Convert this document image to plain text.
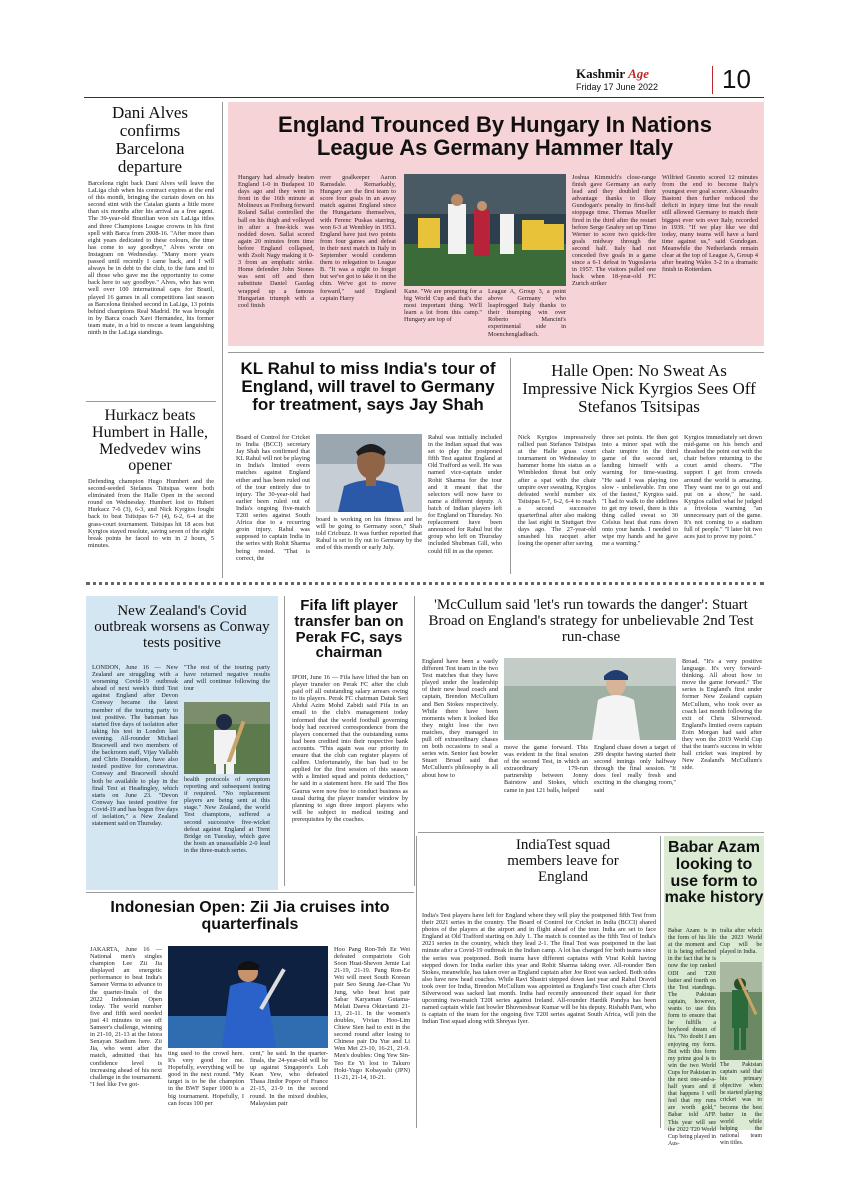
Kashmir Age
Friday 17 June 2022	10
Dani Alves confirms Barcelona departure
Barcelona right back Dani Alves will leave the LaLiga club when his contract expires at the end of this month, bringing the curtain down on his second stint with the Catalan giants a little more than six months after his arrival as a free agent. The 39-year-old Brazilian won six LaLiga titles and three Champions League crowns in his first spell with Barca from 2008-16. "After more than eight years dedicated to these colours, the time has come to say goodbye," Alves wrote on Instagram on Wednesday. "Many more years passed until recently I came back, and I will always be in debt to the club, to the fans and to all those who gave me the opportunity to come back here to say goodbye." Alves, who has won well over 100 international caps for Brazil, played 16 games in all competitions last season as Barcelona finished second in LaLiga, 13 points behind champions Real Madrid. He was brought in by Barca coach Xavi Hernandez, his former team mate, in a bid to rescue a team languishing ninth in the LaLiga standings.
Hurkacz beats Humbert in Halle, Medvedev wins opener
Defending champion Hugo Humbert and the second-seeded Stefanos Tsitsipas were both eliminated from the Halle Open in the second round on Wednesday. Humbert lost to Hubert Hurkacz 7-6 (3), 6-3, and Nick Kyrgios fought back to beat Tsitsipas 6-7 (4), 6-2, 6-4 at the grass-court tournament. Tsitsipas hit 18 aces but Kyrgios stayed resolute, saving seven of the eight break points he faced to win in 2 hours, 5 minutes.
England Trounced By Hungary In Nations League As Germany Hammer Italy
Hungary had already beaten England 1-0 in Budapest 10 days ago and they went in front in the 16th minute at Molineux as Freiburg forward Roland Sallai controlled the ball on his thigh and volleyed in after a free-kick was nodded down. Sallai scored again 20 minutes from time before England collapsed, with Zsolt Nagy making it 0-3 from an emphatic strike. Home defender John Stones was sent off and then substitute Daniel Gazdag wrapped up a famous Hungarian triumph with a cool finish
over goalkeeper Aaron Ramsdale. Remarkably, Hungary are the first team to score four goals in an away match against England since the Hungarians themselves, with Ferenc Puskas starring, won 6-3 at Wembley in 1953. England have just two points from four games and defeat in their next match in Italy in September would condemn them to relegation to League B. "It was a night to forget but we've got to take it on the chin. We've got to move forward," said England captain Harry
Kane. "We are preparing for a big World Cup and that's the most important thing. We'll learn a lot from this camp." Hungary are top of
League A, Group 3, a point above Germany who leapfrogged Italy thanks to their thumping win over Roberto Mancini's experimental side in Moenchengladbach.
Joshua Kimmich's close-range finish gave Germany an early lead and they doubled their advantage thanks to Ilkay Gundogan's penalty in first-half stoppage time. Thomas Mueller fired in the third after the restart before Serge Gnabry set up Timo Werner to score two quick-fire goals midway through the second half. Italy had not conceded five goals in a game since a 6-1 defeat in Yugoslavia in 1957. The visitors pulled one back when 18-year-old FC Zurich striker
Wilfried Gnonto scored 12 minutes from the end to become Italy's youngest ever goal scorer. Alessandro Bastoni then further reduced the deficit in injury time but the result still allowed Germany to match their biggest ever win over Italy, recorded in 1939. "If we play like we did today, many teams will have a hard time against us," said Gundogan. Meanwhile the Netherlands remain clear at the top of League A, Group 4 after beating Wales 3-2 in a dramatic finish in Rotterdam.
KL Rahul to miss India's tour of England, will travel to Germany for treatment, says Jay Shah
Board of Control for Cricket in India (BCCI) secretary Jay Shah has confirmed that KL Rahul will not be playing in India's limited overs matches against England either and has been ruled out of the tour entirely due to injury. The 30-year-old had earlier been ruled out of India's ongoing five-match T20I series against South Africa due to a recurring groin injury. Rahul was supposed to captain India in the series with Rohit Sharma being rested. "That is correct, the
board is working on his fitness and he will be going to Germany soon," Shah told Cricbuzz. It was further reported that Rahul is set to fly out to Germany by the end of this month or early July.
Rahul was initially included in the Indian squad that was set to play the postponed fifth Test against England at Old Trafford as well. He was named vice-captain under Rohit Sharma for the tour and it meant that the selectors will now have to name a different deputy. A batch of Indian players left for England on Thursday. No replacement have been announced for Rahul but the group who left on Thursday included Shubman Gill, who could fill in as the opener.
Halle Open: No Sweat As Impressive Nick Kyrgios Sees Off Stefanos Tsitsipas
Nick Kyrgios impressively rallied past Stefanos Tsitsipas at the Halle grass court tournament on Wednesday to hammer home his status as a Wimbledon threat but only after a spat with the chair umpire over sweating. Kyrgios defeated world number six Tsitsipas 6-7, 6-2, 6-4 to reach a second successive quarterfinal after also making the last eight in Stuttgart five days ago. The 27-year-old smashed his racquet after losing the opener after saving
three set points. He then got into a minor spat with the chair umpire in the third game of the second set, landing himself with a warning for time-wasting. "He said I was playing too slow - unbelievable. I'm one of the fastest," Kyrgios said. "I had to walk to the sidelines to get my towel, there is this thing called sweat so 30 Celsius heat that runs down onto your hands. I needed to wipe my hands and he gave me a warning."
Kyrgios immediately set down mid-game on his bench and thrashed the point out with the chair before returning to the court amid cheers. "The support I get from crowds around the world is amazing. They want me to go out and put on a show," he said. Kyrgios called what he judged a frivolous warning "an unnecessary part of the game. It's not coming to a stadium full of people." "I later hit two aces just to prove my point."
New Zealand's Covid outbreak worsens as Conway tests positive
LONDON, June 16 — New Zealand are struggling with a worsening Covid-19 outbreak ahead of next week's third Test against England after Devon Conway became the latest member of the touring party to test positive. The batsman has started five days of isolation after taking his test in London last evening. All-rounder Michael Bracewell and two members of the backroom staff, Vijay Vallabh and Chris Donaldson, have also tested positive for coronavirus. Conway and Bracewell should both be available to play in the final Test at Headingley, which starts on June 23. "Devon Conway has tested positive for Covid-19 and has begun five days of isolation," a New Zealand statement said on Thursday.
"The rest of the touring party have returned negative results and will continue following the tour
health protocols of symptom reporting and subsequent testing if required. "No replacement players are being sent at this stage." New Zealand, the world Test champions, suffered a second successive five-wicket defeat against England at Trent Bridge on Tuesday, which gave the hosts an unassailable 2-0 lead in the three-match series.
Fifa lift player transfer ban on Perak FC, says chairman
IPOH, June 16 — Fifa have lifted the ban on player transfer on Perak FC after the club paid off all outstanding salary arrears owing to its players. Perak FC chairman Datuk Seri Abdul Azim Mohd Zabidi said Fifa in an email to the club's management today informed that the world football governing body had received correspondence from the players concerned that the outstanding sums had been credited into their respective bank accounts. "This again was our priority to ensure that the club can register players of calibre. Unfortunately, the ban had to be applied for the first session of this season with a limited squad and points deduction," he said in a statement here. He said The Bos Gaurus were now free to conduct business as usual during the player transfer window by planning to sign three import players who will be subject to medical testing and prerequisites by the coaches.
'McCullum said 'let's run towards the danger': Stuart Broad on England's strategy for unbelievable 2nd Test run-chase
England have been a vastly different Test team in the two Test matches that they have played under the leadership of their new head coach and captain, Brendon McCullum and Ben Stokes respectively. While there have been moments when it looked like they might lose the two matches, they managed to pull off extraordinary chases on both occasions to seal a series win. Senior fast bowler Stuart Broad said that McCullum's philosophy is all about how to
move the game forward. This was evident in the final session of the second Test, in which an extraordinary 179-run partnership between Jonny Bairstow and Stokes, which came in just 121 balls, helped
England chase down a target of 299 despite having started their second innings only halfway through the final session. "It does feel really fresh and exciting in the changing room," said
Broad. "It's a very positive language. It's very forward-thinking. All about how to move the game forward." The series is England's first under former New Zealand captain McCullum, who took over as coach last month following the exit of Chris Silverwood. England's limited overs captain Eoin Morgan had said after they won the 2019 World Cup that the team's success in white ball cricket was inspired by New Zealand's McCullum's side.
IndiaTest squad members leave for England
India's Test players have left for England where they will play the postponed fifth Test from their 2021 series in the country. The Board of Control for Cricket in India (BCCI) shared photos of the players at the airport and in flight ahead of the tour. India are set to face England at Old Trafford starting on July 1. The match is counted as the fifth Test of India's 2021 series in the country, which they lead 2-1. The final Test was postponed in the last minute after a Covid-19 outbreak in the Indian camp. A lot has changed for both teams since the series was postponed. Both teams have different captains with Virat Kohli having stepped down for India earlier this year and Rohit Sharma taking over. All-rounder Ben Stokes, meanwhile, has taken over as England captain after Joe Root was sacked. Both sides also have new head coaches. While Ravi Shastri stepped down last year and Rahul Dravid took over for India, Brendon McCullum was appointed as England's Test coach after Chris Silverwood was sacked last month. India had recently announced their squad for their upcoming two-match T20I series against Ireland. All-rounder Hardik Pandya has been named captain while fast bowler Bhuvneshwar Kumar will be his deputy. Rishabh Pant, who is captain of the team for the ongoing five T20I series against South Africa, will join the Indian Test squad along with Shreyas Iyer.
Babar Azam looking to use form to make history
Babar Azam is in the form of his life at the moment and it is being reflected in the fact that he is now the top ranked ODI and T20I batter and fourth on the Test standings. The Pakistan captain, however, wants to use this form to ensure that he fulfills a boyhood dream of his. "No doubt I am enjoying my form. But with this form my prime goal is to win the two World Cups for Pakistan in the next one-and-a-half years and if that happens I will feel that my runs are worth gold," Babar told AFP. This year will see the 2022 T20 World Cup being played in Aus-
tralia after which the 2023 World Cup will be played in India.
The Pakistan captain said that his primary objective when he started playing cricket was to become the best batter in the world while helping the national team win titles.
Indonesian Open: Zii Jia cruises into quarterfinals
JAKARTA, June 16 — National men's singles champion Lee Zii Jia displayed an energetic performance to beat India's Sameer Verma to advance to the quarter-finals of the 2022 Indonesian Open today. The world number five and fifth seed needed just 41 minutes to see off Sameer's challenge, winning in 21-10, 21-13 at the Istora Senayan Stadium here. Zii Jia, who went after the match, admitted that his confidence level is increasing ahead of his next challenge in the tournament. "I feel like I've got-
ting used to the crowd here. It's very good for me. Hopefully, everything will be good in the next round. "My target is to be the champion in the BWF Super 1000 is a big tournament. Hopefully, I can focus 100 per
cent," he said. In the quarter-finals, the 24-year-old will be up against Singapore's Loh Kean Yew, who defeated Thasa Jindor Popov of France 21-15, 21-9 in the second round. In the mixed doubles, Malaysian pair
Hoo Pang Ron-Teh Ee Wei defeated compatriots Goh Soon Huat-Shevon Jemie Lai 21-19, 21-19. Pang Ron-Ee Wei will meet South Korean pair Seo Seung Jae-Chae Yu Jung, who beat host pair Sabar Karyaman Gutama-Melati Daeva Oktavianti 21-13, 21-11. In the women's doubles, Vivian Hoo-Lim Chiew Sien had to exit in the second round after losing to Chinese pair Du Yue and Li Wen Mei 23-10, 16-21, 21-9. Men's doubles: Ong Yew Sin-Teo Ee Yi lost to Takuro Hoki-Yugo Kobayashi (JPN) 11-21, 21-14, 10-21.
